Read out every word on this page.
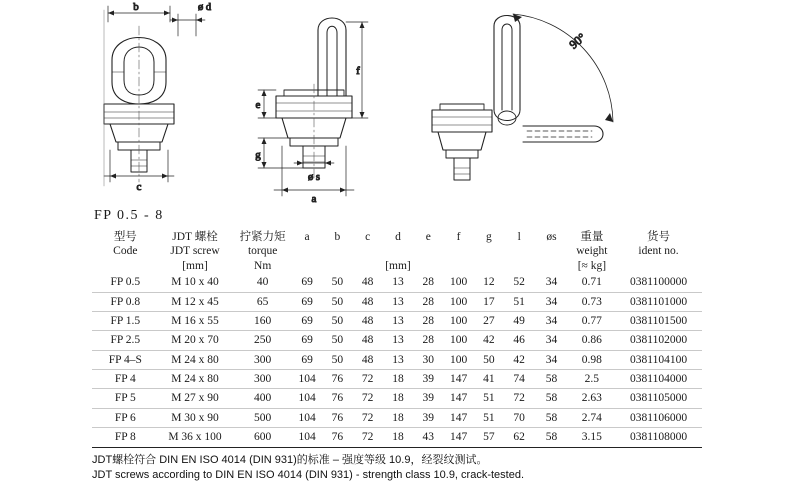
b	ø d
c
f
e
g
ø s
a
90°
FP 0.5 - 8
型号	JDT 螺栓	拧紧力矩	a	b	c	d	e	f	g	l	øs	重量	货号
Code	JDT screw	torque										weight	ident no.
	[mm]	Nm				[mm]						[≈ kg]	
FP 0.5	M 10 x 40	40	69	50	48	13	28	100	12	52	34	0.71	0381100000
FP 0.8	M 12 x 45	65	69	50	48	13	28	100	17	51	34	0.73	0381101000
FP 1.5	M 16 x 55	160	69	50	48	13	28	100	27	49	34	0.77	0381101500
FP 2.5	M 20 x 70	250	69	50	48	13	28	100	42	46	34	0.86	0381102000
FP 4–S	M 24 x 80	300	69	50	48	13	30	100	50	42	34	0.98	0381104100
FP 4	M 24 x 80	300	104	76	72	18	39	147	41	74	58	2.5	0381104000
FP 5	M 27 x 90	400	104	76	72	18	39	147	51	72	58	2.63	0381105000
FP 6	M 30 x 90	500	104	76	72	18	39	147	51	70	58	2.74	0381106000
FP 8	M 36 x 100	600	104	76	72	18	43	147	57	62	58	3.15	0381108000
JDT螺栓符合 DIN EN ISO 4014 (DIN 931)的标准 – 强度等级 10.9，经裂纹测试。
JDT screws according to DIN EN ISO 4014 (DIN 931) - strength class 10.9, crack-tested.
